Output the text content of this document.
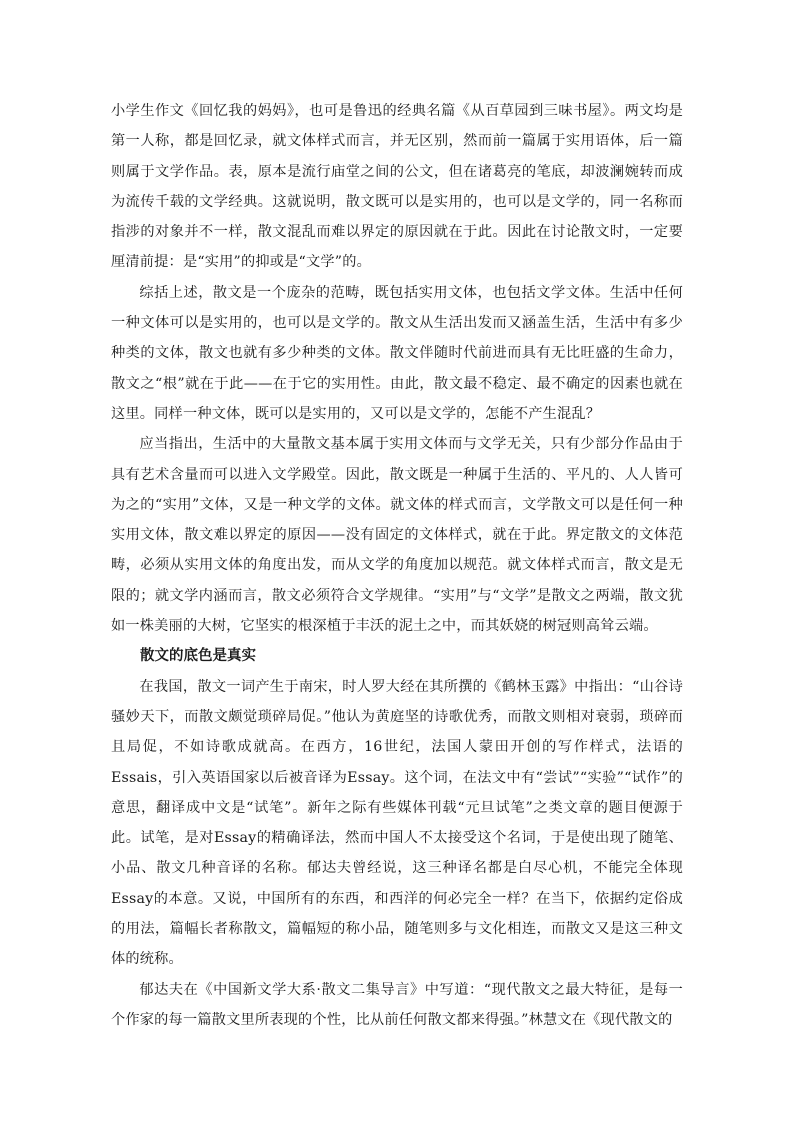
小学生作文《回忆我的妈妈》，也可是鲁迅的经典名篇《从百草园到三味书屋》。两文均是第一人称，都是回忆录，就文体样式而言，并无区别，然而前一篇属于实用语体，后一篇则属于文学作品。表，原本是流行庙堂之间的公文，但在诸葛亮的笔底，却波澜婉转而成为流传千载的文学经典。这就说明，散文既可以是实用的，也可以是文学的，同一名称而指涉的对象并不一样，散文混乱而难以界定的原因就在于此。因此在讨论散文时，一定要厘清前提：是“实用”的抑或是“文学”的。

综括上述，散文是一个庞杂的范畴，既包括实用文体，也包括文学文体。生活中任何一种文体可以是实用的，也可以是文学的。散文从生活出发而又涵盖生活，生活中有多少种类的文体，散文也就有多少种类的文体。散文伴随时代前进而具有无比旺盛的生命力，散文之“根”就在于此——在于它的实用性。由此，散文最不稳定、最不确定的因素也就在这里。同样一种文体，既可以是实用的，又可以是文学的，怎能不产生混乱？

应当指出，生活中的大量散文基本属于实用文体而与文学无关，只有少部分作品由于具有艺术含量而可以进入文学殿堂。因此，散文既是一种属于生活的、平凡的、人人皆可为之的“实用”文体，又是一种文学的文体。就文体的样式而言，文学散文可以是任何一种实用文体，散文难以界定的原因——没有固定的文体样式，就在于此。界定散文的文体范畴，必须从实用文体的角度出发，而从文学的角度加以规范。就文体样式而言，散文是无限的；就文学内涵而言，散文必须符合文学规律。“实用”与“文学”是散文之两端，散文犹如一株美丽的大树，它坚实的根深植于丰沃的泥土之中，而其妖娆的树冠则高耸云端。

散文的底色是真实

在我国，散文一词产生于南宋，时人罗大经在其所撰的《鹤林玉露》中指出：“山谷诗骚妙天下，而散文颇觉琐碎局促。”他认为黄庭坚的诗歌优秀，而散文则相对衰弱，琐碎而且局促，不如诗歌成就高。在西方，16世纪，法国人蒙田开创的写作样式，法语的Essais，引入英语国家以后被音译为Essay。这个词，在法文中有“尝试”“实验”“试作”的意思，翻译成中文是“试笔”。新年之际有些媒体刊载“元旦试笔”之类文章的题目便源于此。试笔，是对Essay的精确译法，然而中国人不太接受这个名词，于是使出现了随笔、小品、散文几种音译的名称。郁达夫曾经说，这三种译名都是白尽心机，不能完全体现Essay的本意。又说，中国所有的东西，和西洋的何必完全一样？在当下，依据约定俗成的用法，篇幅长者称散文，篇幅短的称小品，随笔则多与文化相连，而散文又是这三种文体的统称。

郁达夫在《中国新文学大系·散文二集导言》中写道：“现代散文之最大特征，是每一个作家的每一篇散文里所表现的个性，比从前任何散文都来得强。”林慧文在《现代散文的
